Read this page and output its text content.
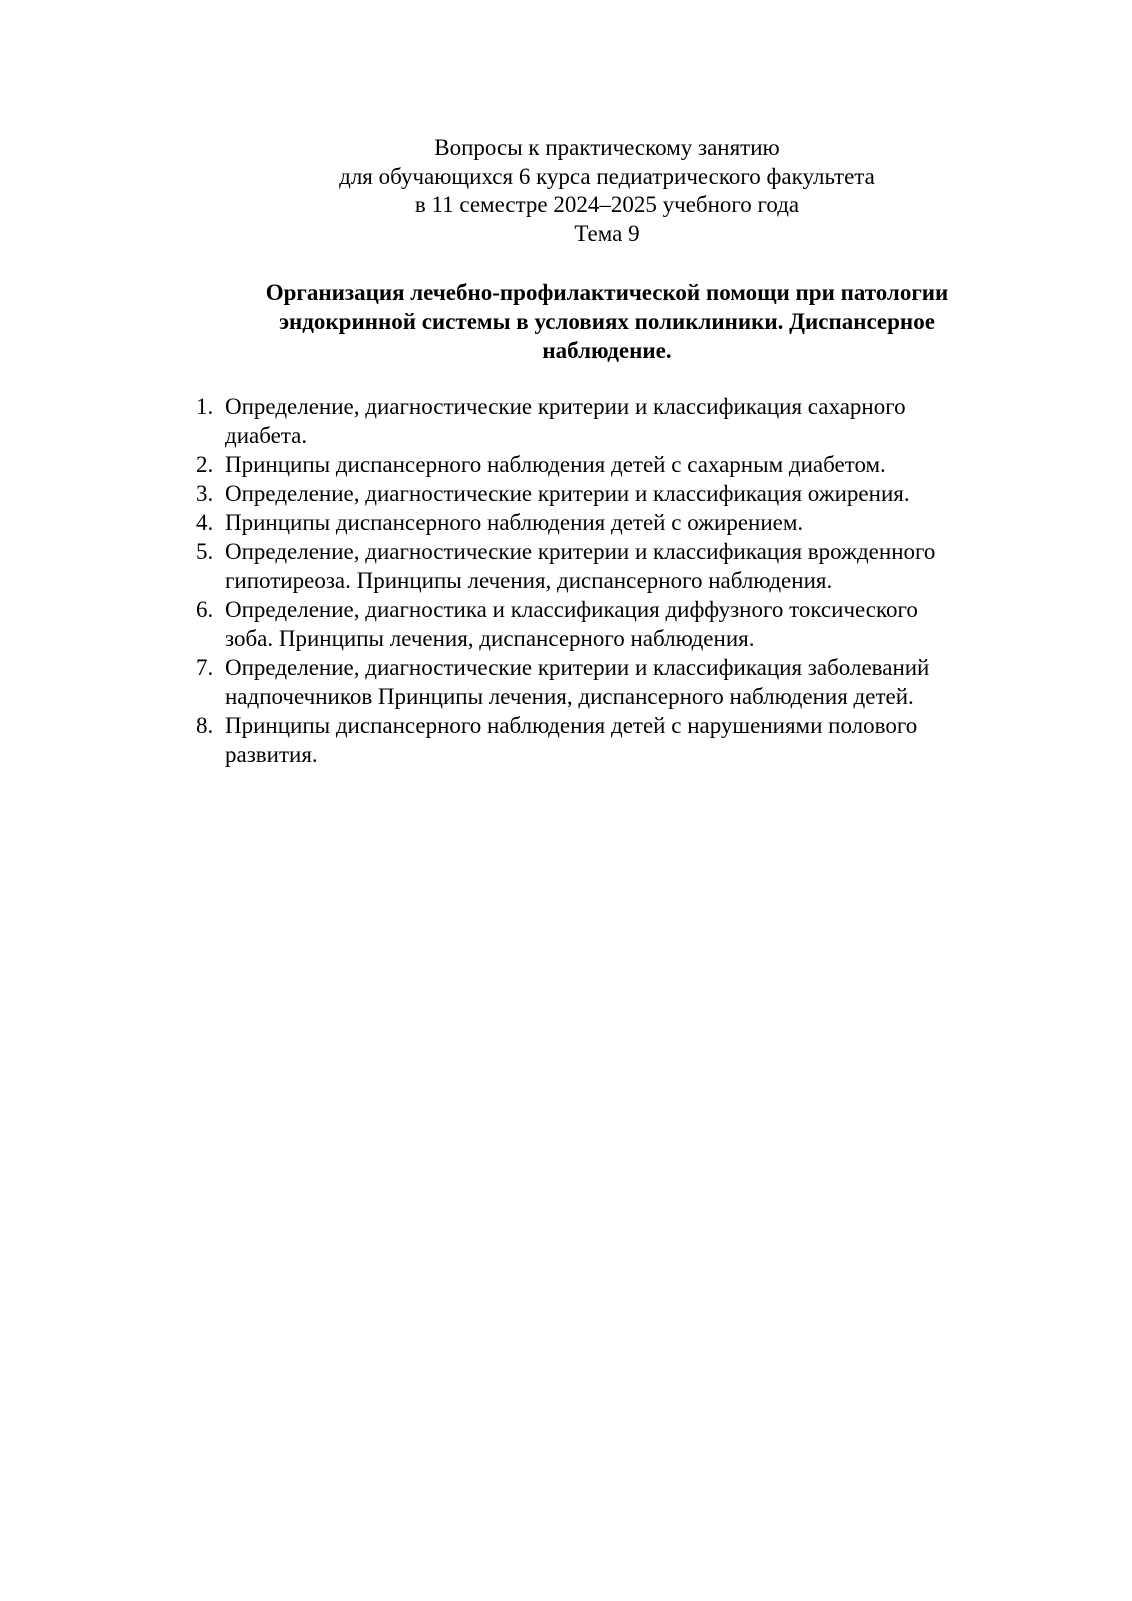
Вопросы к практическому занятию
для обучающихся 6 курса педиатрического факультета
в 11 семестре 2024–2025 учебного года
Тема 9
Организация лечебно-профилактической помощи при патологии
эндокринной системы в условиях поликлиники. Диспансерное
наблюдение.
1. Определение, диагностические критерии и классификация сахарного
диабета.
2. Принципы диспансерного наблюдения детей с сахарным диабетом.
3. Определение, диагностические критерии и классификация ожирения.
4. Принципы диспансерного наблюдения детей с ожирением.
5. Определение, диагностические критерии и классификация врожденного
гипотиреоза. Принципы лечения, диспансерного наблюдения.
6. Определение, диагностика и классификация диффузного токсического
зоба. Принципы лечения, диспансерного наблюдения.
7. Определение, диагностические критерии и классификация заболеваний
надпочечников Принципы лечения, диспансерного наблюдения детей.
8. Принципы диспансерного наблюдения детей с нарушениями полового
развития.
